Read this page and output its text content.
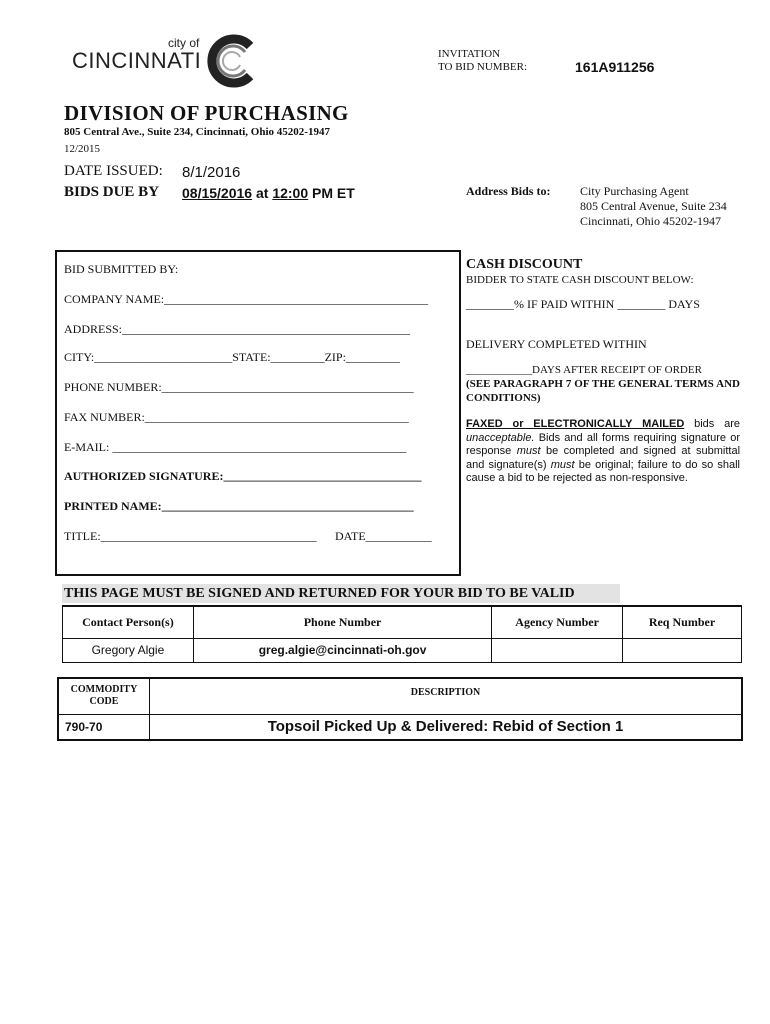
city of
CINCINNATI	INVITATION
TO BID NUMBER:	161A911256
DIVISION OF PURCHASING
805 Central Ave., Suite 234, Cincinnati, Ohio 45202-1947
12/2015
DATE ISSUED: 8/1/2016
BIDS DUE BY 08/15/2016 at 12:00 PM ET	Address Bids to: City Purchasing Agent
805 Central Avenue, Suite 234
Cincinnati, Ohio 45202-1947
BID SUBMITTED BY:
COMPANY NAME:____________________________________________
ADDRESS:________________________________________________
CITY:_______________________STATE:_________ZIP:_________
PHONE NUMBER:__________________________________________
FAX NUMBER:____________________________________________
E-MAIL: _________________________________________________
AUTHORIZED SIGNATURE:_________________________________
PRINTED NAME:__________________________________________
TITLE:____________________________________ DATE___________
CASH DISCOUNT
BIDDER TO STATE CASH DISCOUNT BELOW:
________% IF PAID WITHIN ________ DAYS
DELIVERY COMPLETED WITHIN
____________DAYS AFTER RECEIPT OF ORDER
(SEE PARAGRAPH 7 OF THE GENERAL TERMS AND CONDITIONS)
FAXED or ELECTRONICALLY MAILED bids are unacceptable. Bids and all forms requiring signature or response must be completed and signed at submittal and signature(s) must be original; failure to do so shall cause a bid to be rejected as non-responsive.
THIS PAGE MUST BE SIGNED AND RETURNED FOR YOUR BID TO BE VALID
Contact Person(s)	Phone Number	Agency Number	Req Number
Gregory Algie	greg.algie@cincinnati-oh.gov		
COMMODITY CODE	DESCRIPTION
790-70	Topsoil Picked Up & Delivered: Rebid of Section 1
